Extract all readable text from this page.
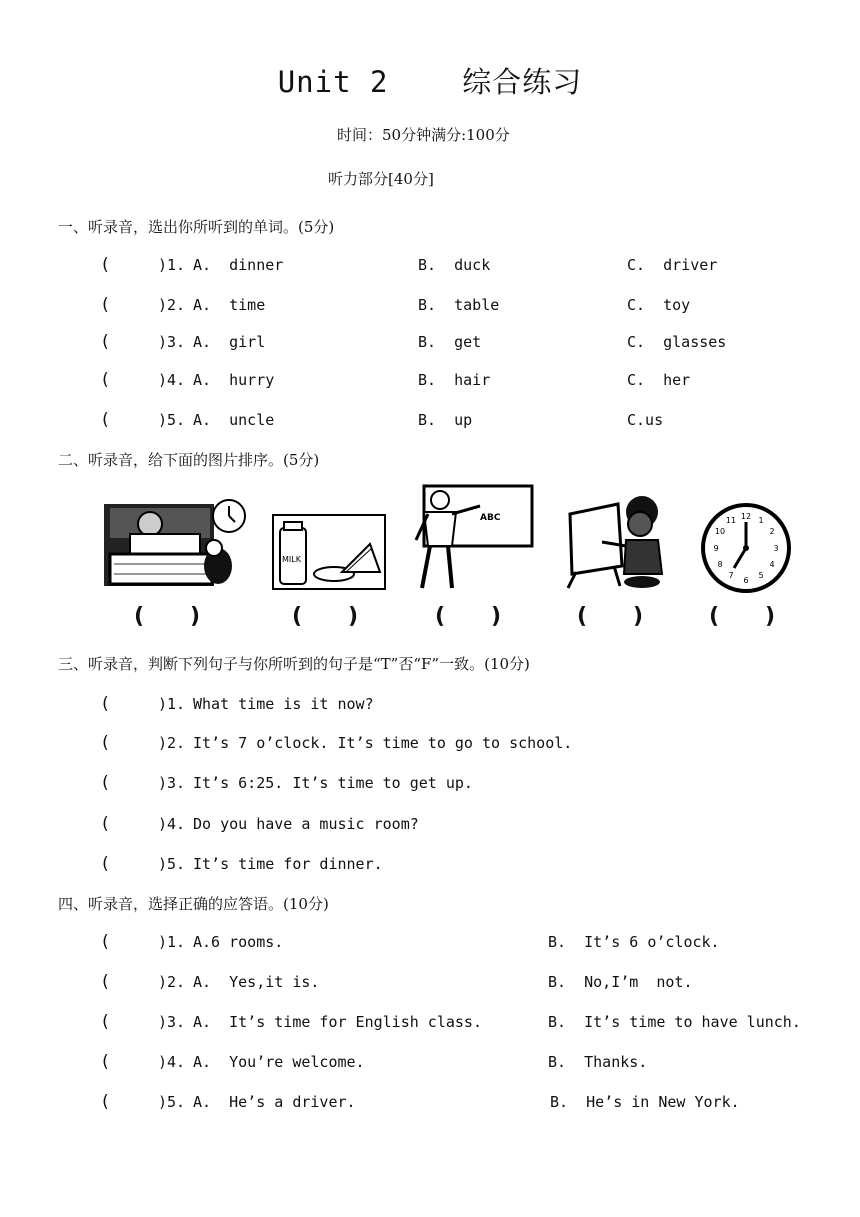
Unit 2    综合练习
时间：50分钟满分:100分
听力部分[40分]
一、听录音，选出你所听到的单词。(5分)
(	)1. A.  dinner	B.  duck	C.  driver
(	)2. A.  time	B.  table	C.  toy
(	)3. A.  girl	B.  get	C.  glasses
(	)4. A.  hurry	B.  hair	C.  her
(	)5. A.  uncle	B.  up	C.us
二、听录音，给下面的图片排序。(5分)
MILK
ABC	12 1
2
3
4
5
6
7
8
9
10
11
(      )	(      )	(      )	(      )	(      )
三、听录音，判断下列句子与你所听到的句子是“T”否“F”一致。(10分)
(	)1. What time is it now?
(	)2. It’s 7 o’clock. It’s time to go to school.
(	)3. It’s 6:25. It’s time to get up.
(	)4. Do you have a music room?
(	)5. It’s time for dinner.
四、听录音，选择正确的应答语。(10分)
(	)1. A.6 rooms.	B.  It’s 6 o’clock.
(	)2. A.  Yes,it is.	B.  No,I’m  not.
(	)3. A.  It’s time for English class.	B.  It’s time to have lunch.
(	)4. A.  You’re welcome.	B.  Thanks.
(	)5. A.  He’s a driver.	B.  He’s in New York.
